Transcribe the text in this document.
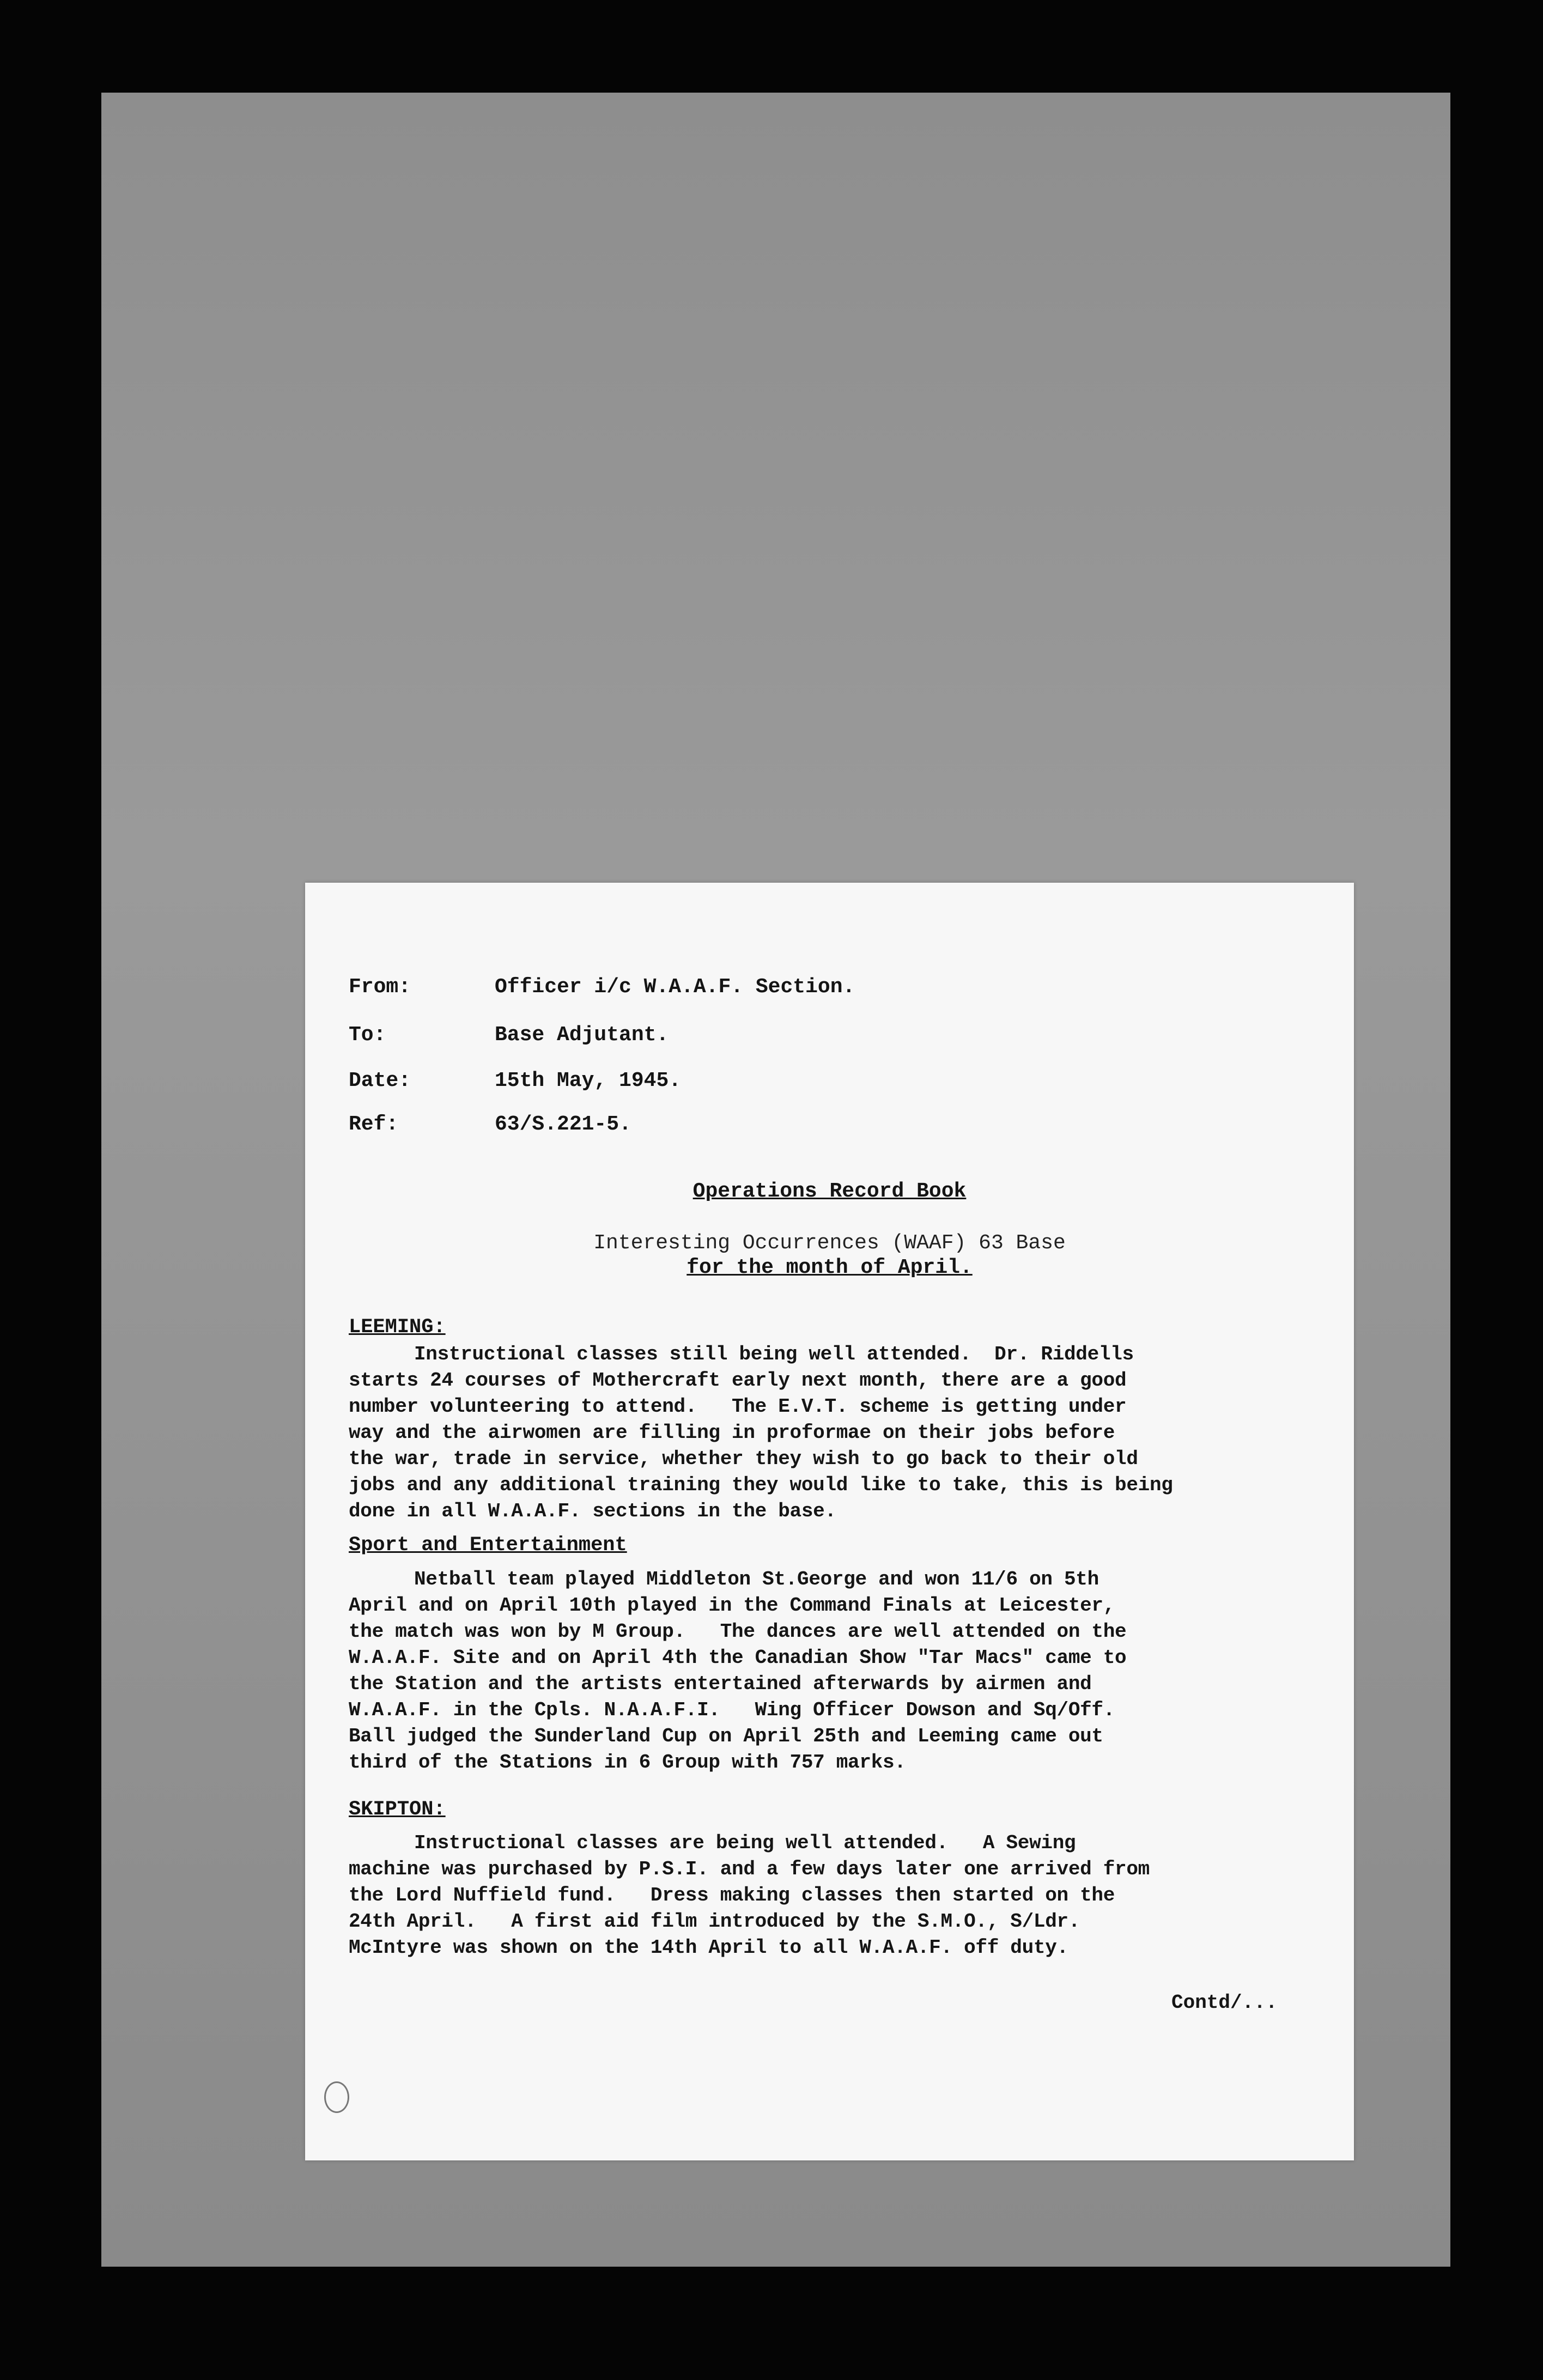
From:	Officer i/c W.A.A.F. Section.
To:	Base Adjutant.
Date:	15th May, 1945.
Ref:	63/S.221-5.
Operations Record Book
Interesting Occurrences (WAAF) 63 Base
for the month of April.
LEEMING:
Instructional classes still being well attended.  Dr. Riddells
starts 24 courses of Mothercraft early next month, there are a good
number volunteering to attend.   The E.V.T. scheme is getting under
way and the airwomen are filling in proformae on their jobs before
the war, trade in service, whether they wish to go back to their old
jobs and any additional training they would like to take, this is being
done in all W.A.A.F. sections in the base.
Sport and Entertainment
Netball team played Middleton St.George and won 11/6 on 5th
April and on April 10th played in the Command Finals at Leicester,
the match was won by M Group.   The dances are well attended on the
W.A.A.F. Site and on April 4th the Canadian Show "Tar Macs" came to
the Station and the artists entertained afterwards by airmen and
W.A.A.F. in the Cpls. N.A.A.F.I.   Wing Officer Dowson and Sq/Off.
Ball judged the Sunderland Cup on April 25th and Leeming came out
third of the Stations in 6 Group with 757 marks.
SKIPTON:
Instructional classes are being well attended.   A Sewing
machine was purchased by P.S.I. and a few days later one arrived from
the Lord Nuffield fund.   Dress making classes then started on the
24th April.   A first aid film introduced by the S.M.O., S/Ldr.
McIntyre was shown on the 14th April to all W.A.A.F. off duty.
Contd/...
